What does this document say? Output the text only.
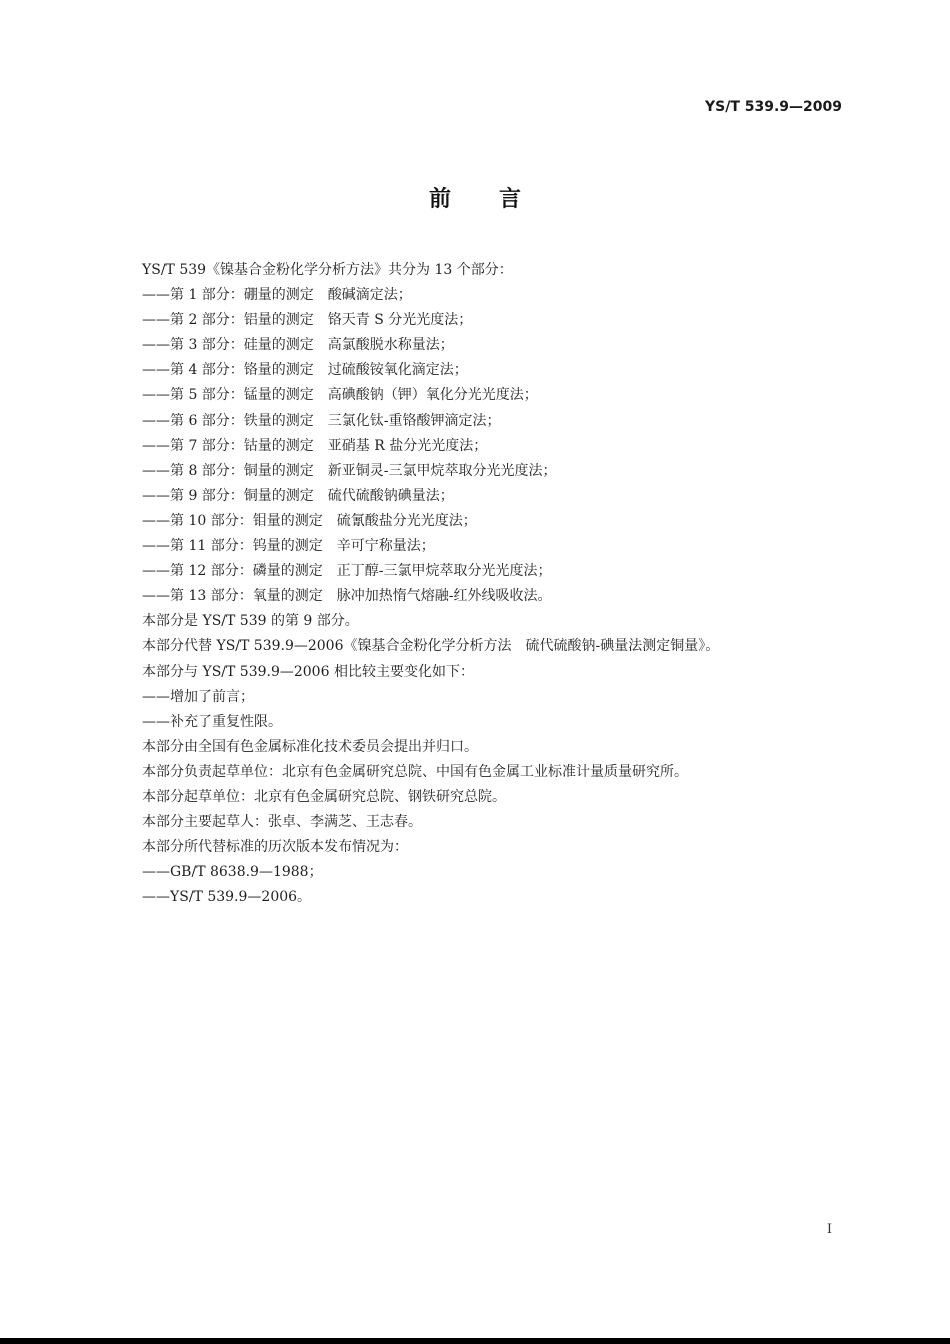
YS/T 539.9—2009
前言
YS/T 539《镍基合金粉化学分析方法》共分为 13 个部分：
——第 1 部分：硼量的测定　酸碱滴定法；
——第 2 部分：铝量的测定　铬天青 S 分光光度法；
——第 3 部分：硅量的测定　高氯酸脱水称量法；
——第 4 部分：铬量的测定　过硫酸铵氧化滴定法；
——第 5 部分：锰量的测定　高碘酸钠（钾）氧化分光光度法；
——第 6 部分：铁量的测定　三氯化钛-重铬酸钾滴定法；
——第 7 部分：钴量的测定　亚硝基 R 盐分光光度法；
——第 8 部分：铜量的测定　新亚铜灵-三氯甲烷萃取分光光度法；
——第 9 部分：铜量的测定　硫代硫酸钠碘量法；
——第 10 部分：钼量的测定　硫氰酸盐分光光度法；
——第 11 部分：钨量的测定　辛可宁称量法；
——第 12 部分：磷量的测定　正丁醇-三氯甲烷萃取分光光度法；
——第 13 部分：氧量的测定　脉冲加热惰气熔融-红外线吸收法。
本部分是 YS/T 539 的第 9 部分。
本部分代替 YS/T 539.9—2006《镍基合金粉化学分析方法　硫代硫酸钠-碘量法测定铜量》。
本部分与 YS/T 539.9—2006 相比较主要变化如下：
——增加了前言；
——补充了重复性限。
本部分由全国有色金属标准化技术委员会提出并归口。
本部分负责起草单位：北京有色金属研究总院、中国有色金属工业标准计量质量研究所。
本部分起草单位：北京有色金属研究总院、钢铁研究总院。
本部分主要起草人：张卓、李满芝、王志春。
本部分所代替标准的历次版本发布情况为：
——GB/T 8638.9—1988；
——YS/T 539.9—2006。
I
